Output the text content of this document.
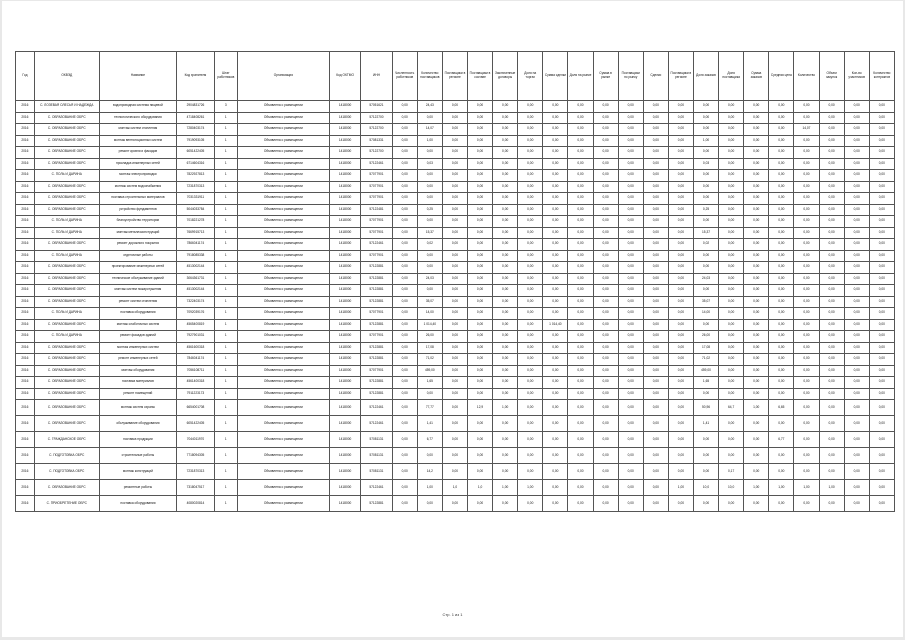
Год	ОКВЭД	Название	Код хранителя	Штат работников	Организация	Код ОКТМО	ИНН	Численность работников	Количество поставщиков	Поставщики в регионе	Поставщики в составе	Заключенные договоры	Доля на торгах	Сумма сделки	Доля на рынке	Сумма в рынке	Поставщики по рынку	Сделки	Поставщики в регионе	Доля заказов	Доля поставщика	Сумма заказов	Средняя цена	Количество	Объем закупок	Кол-во участников	Количество контрактов
2016	С. ЛОЗЕВАЯ ОЛЕСЬЯ И НАДЕЖДА	водопроводная система пищевой	2904831726	3	Объявлена о размещении	1418000	57051621	0,00	24,43	0,00	0,00	0,00	0,00	0,00	0,00	0,00	0,00	0,00	0,00	0,00	0,00	0,00	0,00	0,00	0,00	0,00	0,00
2016	С. ОБРАЗОВАНИЕ ОБРС	технологического оборудования	4718408261	1	Объявлена о размещении	1418000	57122700	0,00	0,00	0,00	0,00	0,00	0,00	0,00	0,00	0,00	0,00	0,00	0,00	0,00	0,00	0,00	0,00	0,00	0,00	0,00	0,00
2016	С. ОБРАЗОВАНИЕ ОБРС	монтаж систем отопления	7280403174	1	Объявлена о размещении	1418000	57122700	0,00	14,07	0,00	0,00	0,00	0,00	0,00	0,00	0,00	0,00	0,00	0,00	0,00	0,00	0,00	0,00	14,07	0,00	0,00	0,00
2016	С. ОБРАЗОВАНИЕ ОБРС	монтаж вентиляционных систем	7919093105	1	Объявлена о размещении	1418000	57081331	0,00	1,00	0,00	0,00	0,00	0,00	0,00	0,00	0,00	0,00	0,00	0,00	1,00	0,00	0,00	0,00	0,00	0,00	0,00	0,00
2016	С. ОБРАЗОВАНИЕ ОБРС	ремонт кровли и фасадов	6051422405	1	Объявлена о размещении	1418000	57122700	0,00	0,00	0,00	0,00	0,00	0,00	0,00	0,00	0,00	0,00	0,00	0,00	0,00	0,00	0,00	0,00	0,00	0,00	0,00	0,00
2016	С. ОБРАЗОВАНИЕ ОБРС	прокладка инженерных сетей	6714604316	1	Объявлена о размещении	1418000	57122461	0,00	0,03	0,00	0,00	0,00	0,00	0,00	0,00	0,00	0,00	0,00	0,00	0,03	0,00	0,00	0,00	0,00	0,00	0,00	0,00
2016	С. ПОЛЬ И ДАРИНА	монтаж электропроводки	7822927813	1	Объявлена о размещении	1418000	57077901	0,00	0,00	0,00	0,00	0,00	0,00	0,00	0,00	0,00	0,00	0,00	0,00	0,00	0,00	0,00	0,00	0,00	0,00	0,00	0,00
2016	С. ОБРАЗОВАНИЕ ОБРС	монтаж систем водоснабжения	7231870313	1	Объявлена о размещении	1418000	57077901	0,00	0,00	0,00	0,00	0,00	0,00	0,00	0,00	0,00	0,00	0,00	0,00	0,00	0,00	0,00	0,00	0,00	0,00	0,00	0,00
2016	С. ОБРАЗОВАНИЕ ОБРС	поставка строительных материалов	7031331911	1	Объявлена о размещении	1418000	57077901	0,00	0,00	0,00	0,00	0,00	0,00	0,00	0,00	0,00	0,00	0,00	0,00	0,00	0,00	0,00	0,00	0,00	0,00	0,00	0,00
2016	С. ОБРАЗОВАНИЕ ОБРС	устройство фундаментов	5044033784	1	Объявлена о размещении	1418000	57122481	0,00	0,25	0,00	0,00	0,00	0,00	0,00	0,00	0,00	0,00	0,00	0,00	0,25	0,00	0,00	0,00	0,00	0,00	0,00	0,00
2016	С. ПОЛЬ И ДАРИНА	благоустройство территории	7018221278	1	Объявлена о размещении	1418000	57077901	0,00	0,00	0,00	0,00	0,00	0,00	0,00	0,00	0,00	0,00	0,00	0,00	0,00	0,00	0,00	0,00	0,00	0,00	0,00	0,00
2016	С. ПОЛЬ И ДАРИНА	монтаж металлоконструкций	7669915713	1	Объявлена о размещении	1418000	57077901	0,00	15,37	0,00	0,00	0,00	0,00	0,00	0,00	0,00	0,00	0,00	0,00	15,37	0,00	0,00	0,00	0,00	0,00	0,00	0,00
2016	С. ОБРАЗОВАНИЕ ОБРС	ремонт дорожного покрытия	7866041174	1	Объявлена о размещении	1418000	57122461	0,00	0,02	0,00	0,00	0,00	0,00	0,00	0,00	0,00	0,00	0,00	0,00	0,02	0,00	0,00	0,00	0,00	0,00	0,00	0,00
2016	С. ПОЛЬ И ДАРИНА	отделочные работы	7918085338	1	Объявлена о размещении	1418000	57077901	0,00	0,00	0,00	0,00	0,00	0,00	0,00	0,00	0,00	0,00	0,00	0,00	0,00	0,00	0,00	0,00	0,00	0,00	0,00	0,00
2016	С. ОБРАЗОВАНИЕ ОБРС	проектирование инженерных сетей	4513002144	1	Объявлена о размещении	1418000	57122881	0,00	0,00	0,00	0,00	0,00	0,00	0,00	0,00	0,00	0,00	0,00	0,00	0,00	0,00	0,00	0,00	0,00	0,00	0,00	0,00
2016	С. ОБРАЗОВАНИЕ ОБРС	техническое обслуживание зданий	3064361731	1	Объявлена о размещении	1418000	57122881	0,00	24,03	0,00	0,00	0,00	0,00	0,00	0,00	0,00	0,00	0,00	0,00	24,03	0,00	0,00	0,00	0,00	0,00	0,00	0,00
2016	С. ОБРАЗОВАНИЕ ОБРС	монтаж систем пожаротушения	4513002144	1	Объявлена о размещении	1418000	57122881	0,00	0,00	0,00	0,00	0,00	0,00	0,00	0,00	0,00	0,00	0,00	0,00	0,00	0,00	0,00	0,00	0,00	0,00	0,00	0,00
2016	С. ОБРАЗОВАНИЕ ОБРС	ремонт систем отопления	7322403174	1	Объявлена о размещении	1418000	57122881	0,00	35,07	0,00	0,00	0,00	0,00	0,00	0,00	0,00	0,00	0,00	0,00	35,07	0,00	0,00	0,00	0,00	0,00	0,00	0,00
2016	С. ПОЛЬ И ДАРИНА	поставка оборудования	7092039176	1	Объявлена о размещении	1418000	57077901	0,00	14,00	0,00	0,00	0,00	0,00	0,00	0,00	0,00	0,00	0,00	0,00	14,00	0,00	0,00	0,00	0,00	0,00	0,00	0,00
2016	С. ОБРАЗОВАНИЕ ОБРС	монтаж слаботочных систем	4565400819	1	Объявлена о размещении	1418000	57122881	0,00	1 014,40	0,00	0,00	0,00	0,00	1 014,40	0,00	0,00	0,00	0,00	0,00	0,00	0,00	0,00	0,00	0,00	0,00	0,00	0,00
2016	С. ПОЛЬ И ДАРИНА	ремонт фасадов зданий	7927901031	1	Объявлена о размещении	1418000	57077901	0,00	26,00	0,00	0,00	0,00	0,00	0,00	0,00	0,00	0,00	0,00	0,00	26,00	0,00	0,00	0,00	0,00	0,00	0,00	0,00
2016	С. ОБРАЗОВАНИЕ ОБРС	монтаж инженерных систем	4561600318	1	Объявлена о размещении	1418000	57122881	0,00	17,08	0,00	0,00	0,00	0,00	0,00	0,00	0,00	0,00	0,00	0,00	17,08	0,00	0,00	0,00	0,00	0,00	0,00	0,00
2016	С. ОБРАЗОВАНИЕ ОБРС	ремонт инженерных сетей	7846041174	1	Объявлена о размещении	1418000	57122881	0,00	71,02	0,00	0,00	0,00	0,00	0,00	0,00	0,00	0,00	0,00	0,00	71,02	0,00	0,00	0,00	0,00	0,00	0,00	0,00
2016	С. ОБРАЗОВАНИЕ ОБРС	монтаж оборудования	7056108711	1	Объявлена о размещении	1418000	57077901	0,00	459,00	0,00	0,00	0,00	0,00	0,00	0,00	0,00	0,00	0,00	0,00	459,00	0,00	0,00	0,00	0,00	0,00	0,00	0,00
2016	С. ОБРАЗОВАНИЕ ОБРС	поставка материалов	4561400318	1	Объявлена о размещении	1418000	57122881	0,00	1,65	0,00	0,00	0,00	0,00	0,00	0,00	0,00	0,00	0,00	0,00	1,65	0,00	0,00	0,00	0,00	0,00	0,00	0,00
2016	С. ОБРАЗОВАНИЕ ОБРС	ремонт помещений	7911223173	1	Объявлена о размещении	1418000	57122881	0,00	0,00	0,00	0,00	0,00	0,00	0,00	0,00	0,00	0,00	0,00	0,00	0,00	0,00	0,00	0,00	0,00	0,00	0,00	0,00
2016	С. ОБРАЗОВАНИЕ ОБРС	монтаж систем охраны	6654001708	1	Объявлена о размещении	1418000	57122461	0,00	77,77	0,00	12,9	1,00	0,00	0,00	0,00	0,00	0,00	0,00	0,00	50,96	64,7	1,00	6,65	0,00	0,00	0,00	0,00
2016	С. ОБРАЗОВАНИЕ ОБРС	обслуживание оборудования	6051422405	1	Объявлена о размещении	1418000	57122461	0,00	1,41	0,00	0,00	0,00	0,00	0,00	0,00	0,00	0,00	0,00	0,00	1,41	0,00	0,00	0,00	0,00	0,00	0,00	0,00
2016	С. ГРАЖДАНСКОЕ ОБРС	поставка продукции	7044011970	1	Объявлена о размещении	1418000	57081131	0,00	6,77	0,00	0,00	0,00	0,00	0,00	0,00	0,00	0,00	0,00	0,00	0,00	0,00	0,00	6,77	0,00	0,00	0,00	0,00
2016	С. ПОДГОТОВКА ОБРС	строительные работы	7718094305	1	Объявлена о размещении	1418000	57081131	0,00	0,00	0,00	0,00	0,00	0,00	0,00	0,00	0,00	0,00	0,00	0,00	0,00	0,00	0,00	0,00	0,00	0,00	0,00	0,00
2016	С. ПОДГОТОВКА ОБРС	монтаж конструкций	7231870313	1	Объявлена о размещении	1418000	57081131	0,00	14,2	0,00	0,00	0,00	0,00	0,00	0,00	0,00	0,00	0,00	0,00	0,00	0,17	0,00	0,00	0,00	0,00	0,00	0,00
2016	С. ОБРАЗОВАНИЕ ОБРС	ремонтные работы	7318047517	1	Объявлена о размещении	1418000	57122461	0,00	1,00	1,0	1,0	1,00	1,00	0,00	0,00	0,00	0,00	0,00	1,00	10,0	10,0	1,00	1,00	1,00	1,00	0,00	0,00
2016	С. ПРИОБРЕТЕНИЕ ОБРС	поставка оборудования	4080020814	1	Объявлена о размещении	1418000	57122881	0,00	0,00	0,00	0,00	0,00	0,00	0,00	0,00	0,00	0,00	0,00	0,00	0,00	0,00	0,00	0,00	0,00	0,00	0,00	0,00
Стр. 1 из 1
